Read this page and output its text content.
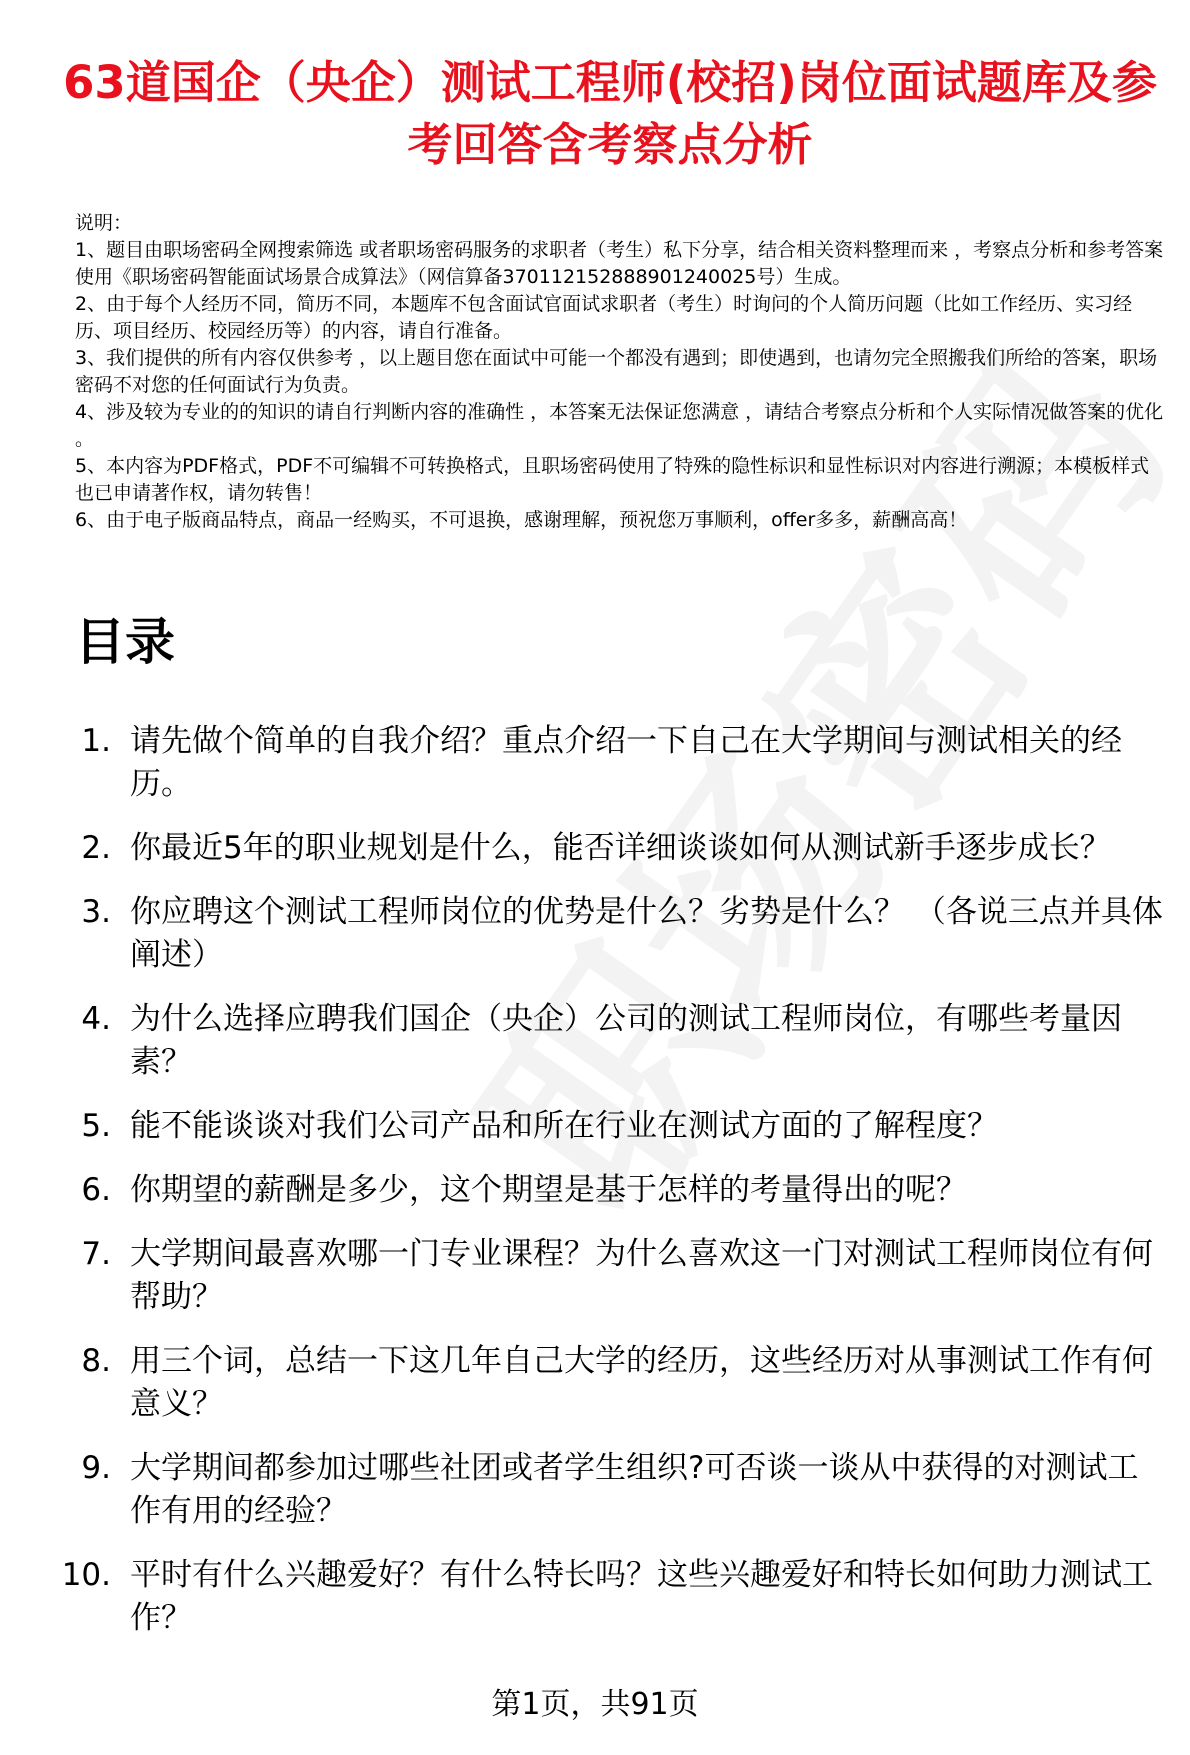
63道国企（央企）测试工程师(校招)岗位面试题库及参考回答含考察点分析

说明：

1、题目由职场密码全网搜索筛选 或者职场密码服务的求职者（考生）私下分享，结合相关资料整理而来 ，考察点分析和参考答案使用《职场密码智能面试场景合成算法》（网信算备370112152888901240025号）生成。

2、由于每个人经历不同，简历不同，本题库不包含面试官面试求职者（考生）时询问的个人简历问题（比如工作经历、实习经历、项目经历、校园经历等）的内容，请自行准备。

3、我们提供的所有内容仅供参考 ，以上题目您在面试中可能一个都没有遇到；即使遇到，也请勿完全照搬我们所给的答案，职场密码不对您的任何面试行为负责。

4、涉及较为专业的的知识的请自行判断内容的准确性 ，本答案无法保证您满意 ，请结合考察点分析和个人实际情况做答案的优化 。

5、本内容为PDF格式，PDF不可编辑不可转换格式，且职场密码使用了特殊的隐性标识和显性标识对内容进行溯源；本模板样式也已申请著作权，请勿转售！

6、由于电子版商品特点，商品一经购买，不可退换，感谢理解，预祝您万事顺利，offer多多，薪酬高高！

目录
1. 请先做个简单的自我介绍？重点介绍一下自己在大学期间与测试相关的经历。
2. 你最近5年的职业规划是什么，能否详细谈谈如何从测试新手逐步成长？
3. 你应聘这个测试工程师岗位的优势是什么？劣势是什么？ （各说三点并具体阐述）
4. 为什么选择应聘我们国企（央企）公司的测试工程师岗位，有哪些考量因素？
5. 能不能谈谈对我们公司产品和所在行业在测试方面的了解程度？
6. 你期望的薪酬是多少，这个期望是基于怎样的考量得出的呢？
7. 大学期间最喜欢哪一门专业课程？为什么喜欢这一门对测试工程师岗位有何帮助？
8. 用三个词，总结一下这几年自己大学的经历，这些经历对从事测试工作有何意义？
9. 大学期间都参加过哪些社团或者学生组织?可否谈一谈从中获得的对测试工作有用的经验？
10. 平时有什么兴趣爱好？有什么特长吗？这些兴趣爱好和特长如何助力测试工作？
第1页，共91页
